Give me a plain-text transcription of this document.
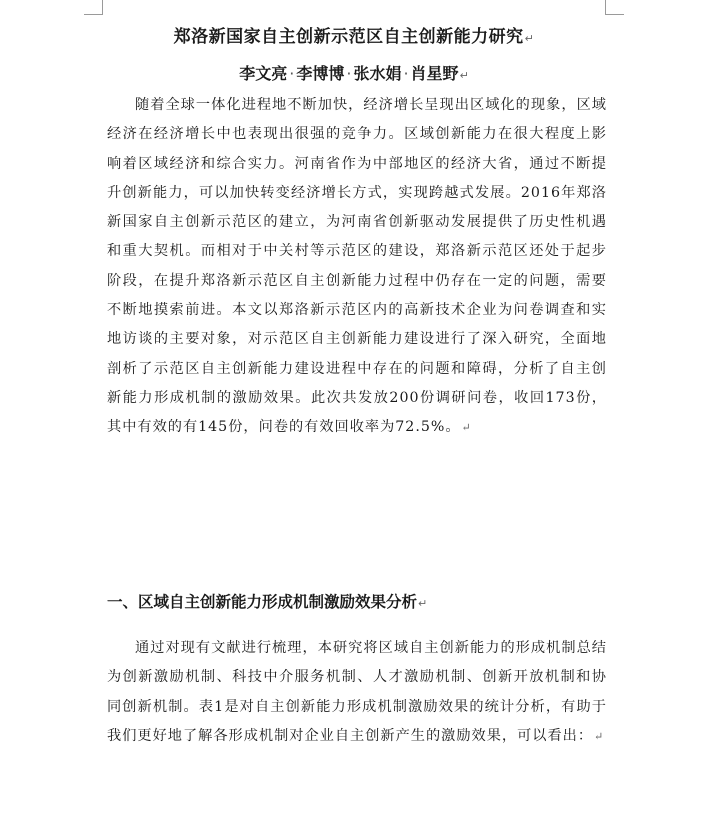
郑洛新国家自主创新示范区自主创新能力研究↵
李文亮 · 李博博 · 张水娟 · 肖星野↵

随着全球一体化进程地不断加快，经济增长呈现出区域化的现象，区域经济在经济增长中也表现出很强的竞争力。区域创新能力在很大程度上影响着区域经济和综合实力。河南省作为中部地区的经济大省，通过不断提升创新能力，可以加快转变经济增长方式，实现跨越式发展。2016年郑洛新国家自主创新示范区的建立，为河南省创新驱动发展提供了历史性机遇和重大契机。而相对于中关村等示范区的建设，郑洛新示范区还处于起步阶段，在提升郑洛新示范区自主创新能力过程中仍存在一定的问题，需要不断地摸索前进。本文以郑洛新示范区内的高新技术企业为问卷调查和实地访谈的主要对象，对示范区自主创新能力建设进行了深入研究，全面地剖析了示范区自主创新能力建设进程中存在的问题和障碍，分析了自主创新能力形成机制的激励效果。此次共发放200份调研问卷，收回173份，其中有效的有145份，问卷的有效回收率为72.5%。↵

一、区域自主创新能力形成机制激励效果分析↵

通过对现有文献进行梳理，本研究将区域自主创新能力的形成机制总结为创新激励机制、科技中介服务机制、人才激励机制、创新开放机制和协同创新机制。表1是对自主创新能力形成机制激励效果的统计分析，有助于我们更好地了解各形成机制对企业自主创新产生的激励效果，可以看出：↵
